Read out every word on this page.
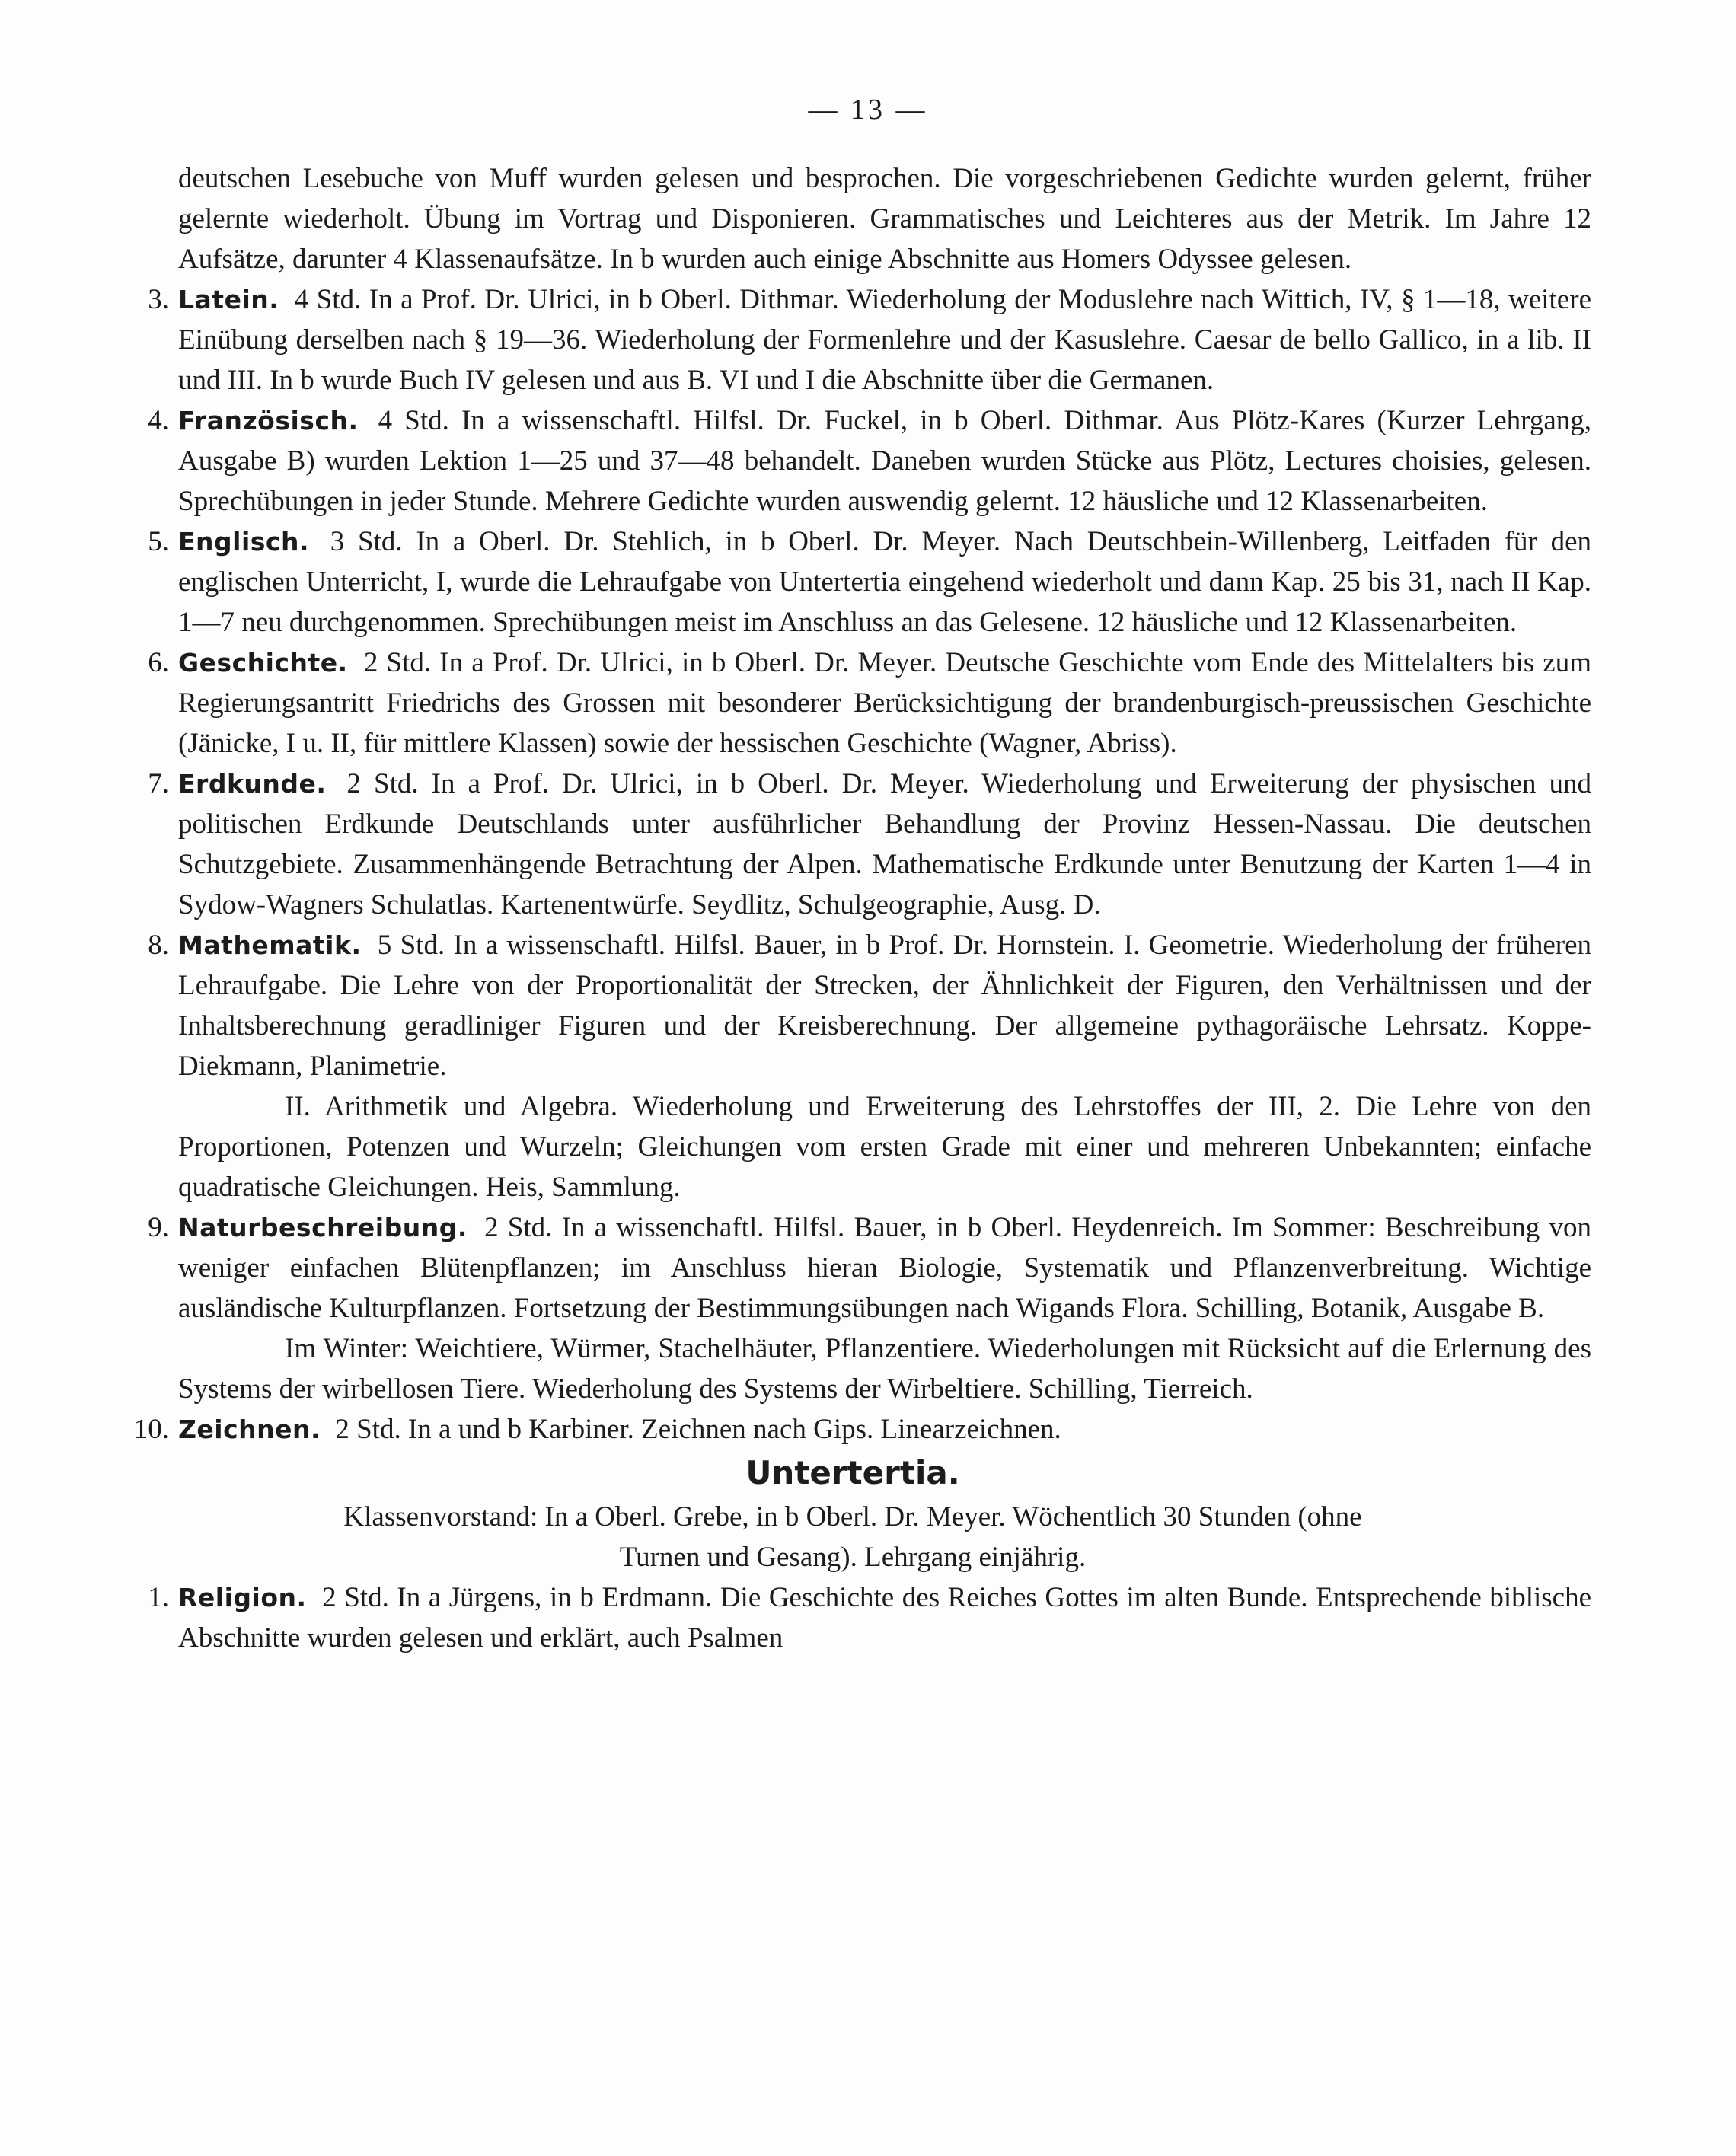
— 13 —

deutschen Lesebuche von Muff wurden gelesen und besprochen. Die vorgeschriebenen Gedichte wurden gelernt, früher gelernte wiederholt. Übung im Vortrag und Disponieren. Grammatisches und Leichteres aus der Metrik. Im Jahre 12 Aufsätze, darunter 4 Klassenaufsätze. In b wurden auch einige Abschnitte aus Homers Odyssee gelesen.

3. Latein. 4 Std. In a Prof. Dr. Ulrici, in b Oberl. Dithmar. Wiederholung der Moduslehre nach Wittich, IV, § 1—18, weitere Einübung derselben nach § 19—36. Wiederholung der Formenlehre und der Kasuslehre. Caesar de bello Gallico, in a lib. II und III. In b wurde Buch IV gelesen und aus B. VI und I die Abschnitte über die Germanen.
4. Französisch. 4 Std. In a wissenschaftl. Hilfsl. Dr. Fuckel, in b Oberl. Dithmar. Aus Plötz-Kares (Kurzer Lehrgang, Ausgabe B) wurden Lektion 1—25 und 37—48 behandelt. Daneben wurden Stücke aus Plötz, Lectures choisies, gelesen. Sprechübungen in jeder Stunde. Mehrere Gedichte wurden auswendig gelernt. 12 häusliche und 12 Klassenarbeiten.
5. Englisch. 3 Std. In a Oberl. Dr. Stehlich, in b Oberl. Dr. Meyer. Nach Deutschbein-Willenberg, Leitfaden für den englischen Unterricht, I, wurde die Lehraufgabe von Untertertia eingehend wiederholt und dann Kap. 25 bis 31, nach II Kap. 1—7 neu durchgenommen. Sprechübungen meist im Anschluss an das Gelesene. 12 häusliche und 12 Klassenarbeiten.
6. Geschichte. 2 Std. In a Prof. Dr. Ulrici, in b Oberl. Dr. Meyer. Deutsche Geschichte vom Ende des Mittelalters bis zum Regierungsantritt Friedrichs des Grossen mit besonderer Berücksichtigung der brandenburgisch-preussischen Geschichte (Jänicke, I u. II, für mittlere Klassen) sowie der hessischen Geschichte (Wagner, Abriss).
7. Erdkunde. 2 Std. In a Prof. Dr. Ulrici, in b Oberl. Dr. Meyer. Wiederholung und Erweiterung der physischen und politischen Erdkunde Deutschlands unter ausführlicher Behandlung der Provinz Hessen-Nassau. Die deutschen Schutzgebiete. Zusammenhängende Betrachtung der Alpen. Mathematische Erdkunde unter Benutzung der Karten 1—4 in Sydow-Wagners Schulatlas. Kartenentwürfe. Seydlitz, Schulgeographie, Ausg. D.
8. Mathematik. 5 Std. In a wissenschaftl. Hilfsl. Bauer, in b Prof. Dr. Hornstein. I. Geometrie. Wiederholung der früheren Lehraufgabe. Die Lehre von der Proportionalität der Strecken, der Ähnlichkeit der Figuren, den Verhältnissen und der Inhaltsberechnung geradliniger Figuren und der Kreisberechnung. Der allgemeine pythagoräische Lehrsatz. Koppe-Diekmann, Planimetrie.
II. Arithmetik und Algebra. Wiederholung und Erweiterung des Lehrstoffes der III, 2. Die Lehre von den Proportionen, Potenzen und Wurzeln; Gleichungen vom ersten Grade mit einer und mehreren Unbekannten; einfache quadratische Gleichungen. Heis, Sammlung.
9. Naturbeschreibung. 2 Std. In a wissenchaftl. Hilfsl. Bauer, in b Oberl. Heydenreich. Im Sommer: Beschreibung von weniger einfachen Blütenpflanzen; im Anschluss hieran Biologie, Systematik und Pflanzenverbreitung. Wichtige ausländische Kulturpflanzen. Fortsetzung der Bestimmungsübungen nach Wigands Flora. Schilling, Botanik, Ausgabe B.
Im Winter: Weichtiere, Würmer, Stachelhäuter, Pflanzentiere. Wiederholungen mit Rücksicht auf die Erlernung des Systems der wirbellosen Tiere. Wiederholung des Systems der Wirbeltiere. Schilling, Tierreich.
10. Zeichnen. 2 Std. In a und b Karbiner. Zeichnen nach Gips. Linearzeichnen.
Untertertia.
Klassenvorstand: In a Oberl. Grebe, in b Oberl. Dr. Meyer. Wöchentlich 30 Stunden (ohne
Turnen und Gesang). Lehrgang einjährig.
1. Religion. 2 Std. In a Jürgens, in b Erdmann. Die Geschichte des Reiches Gottes im alten Bunde. Entsprechende biblische Abschnitte wurden gelesen und erklärt, auch Psalmen
